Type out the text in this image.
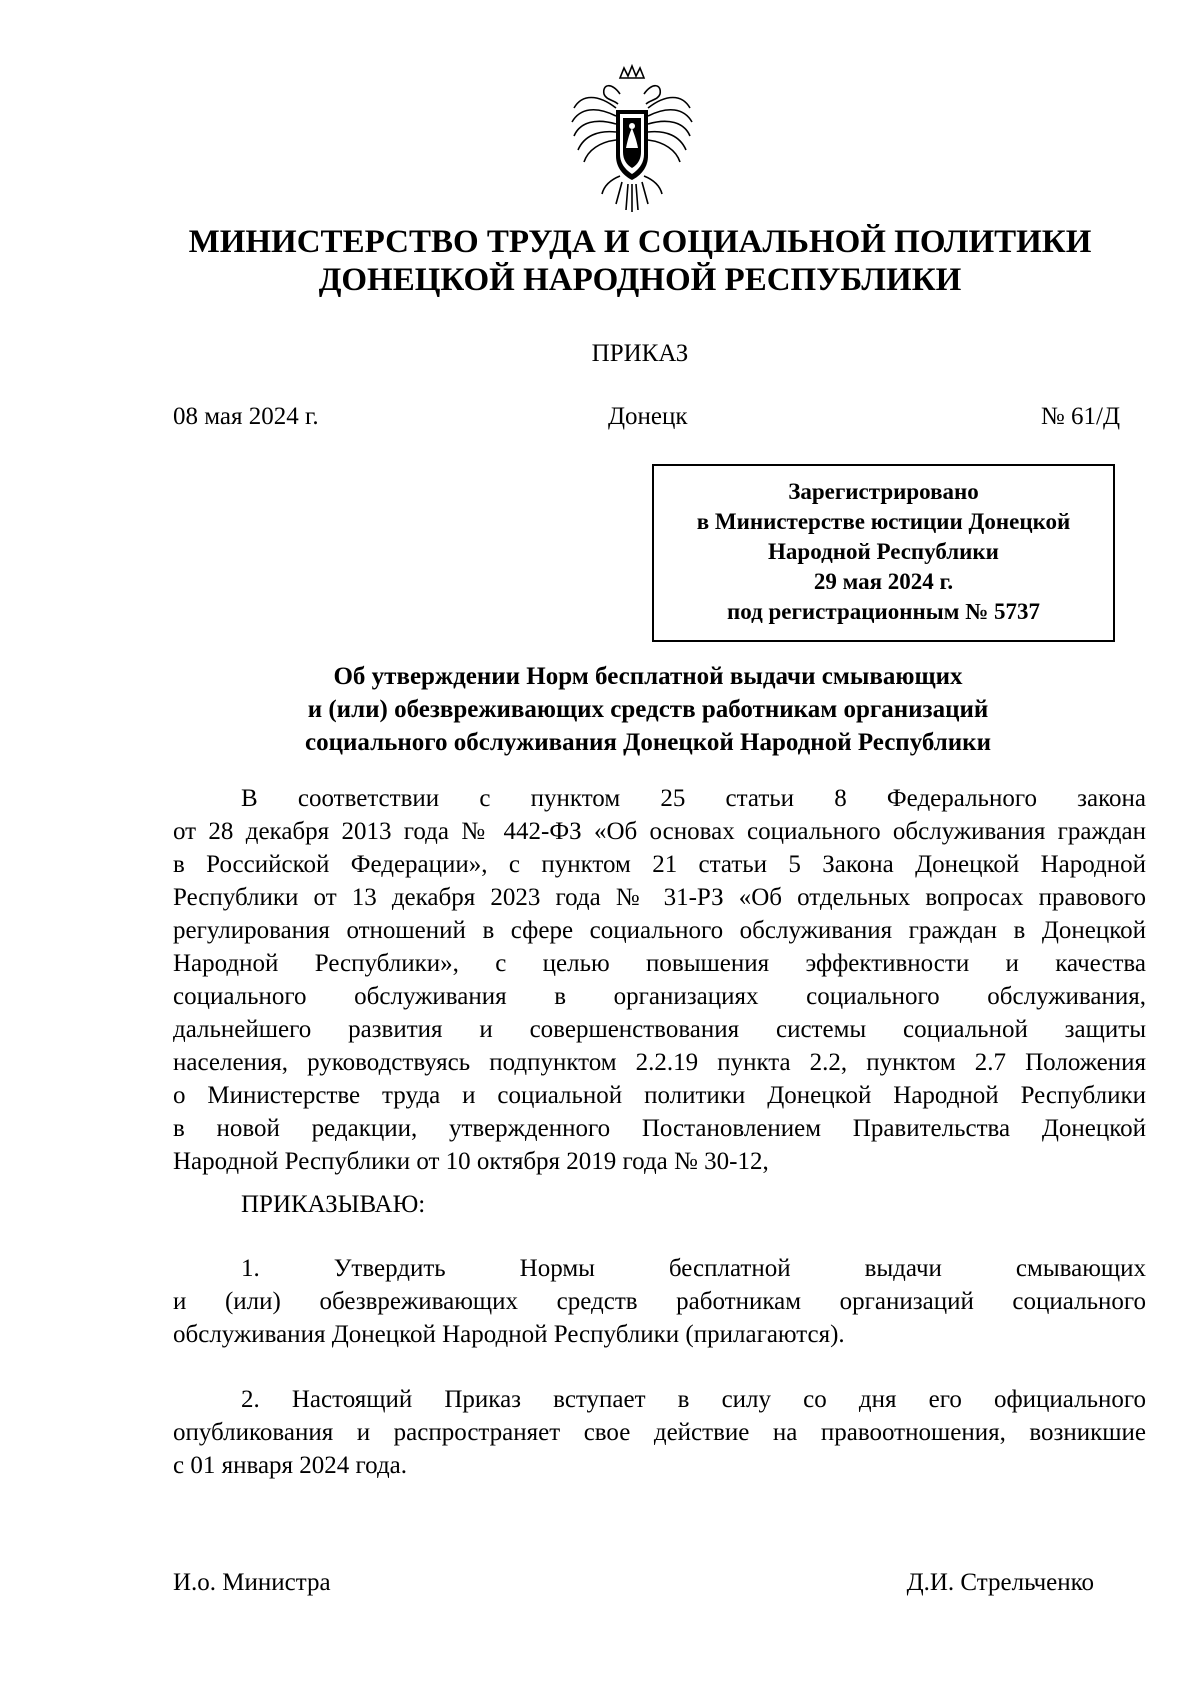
МИНИСТЕРСТВО ТРУДА И СОЦИАЛЬНОЙ ПОЛИТИКИ
ДОНЕЦКОЙ НАРОДНОЙ РЕСПУБЛИКИ
ПРИКАЗ
08 мая 2024 г.	Донецк	№ 61/Д
Зарегистрировано
в Министерстве юстиции Донецкой
Народной Республики
29 мая 2024 г.
под регистрационным № 5737
Об утверждении Норм бесплатной выдачи смывающих
и (или) обезвреживающих средств работникам организаций
социального обслуживания Донецкой Народной Республики
В соответствии с пунктом 25 статьи 8 Федерального закона
от 28 декабря 2013 года № 442-ФЗ «Об основах социального обслуживания граждан
в Российской Федерации», с пунктом 21 статьи 5 Закона Донецкой Народной
Республики от 13 декабря 2023 года № 31-РЗ «Об отдельных вопросах правового
регулирования отношений в сфере социального обслуживания граждан в Донецкой
Народной Республики», с целью повышения эффективности и качества
социального обслуживания в организациях социального обслуживания,
дальнейшего развития и совершенствования системы социальной защиты
населения, руководствуясь подпунктом 2.2.19 пункта 2.2, пунктом 2.7 Положения
о Министерстве труда и социальной политики Донецкой Народной Республики
в новой редакции, утвержденного Постановлением Правительства Донецкой
Народной Республики от 10 октября 2019 года № 30-12,
ПРИКАЗЫВАЮ:
1. Утвердить Нормы бесплатной выдачи смывающих
и (или) обезвреживающих средств работникам организаций социального
обслуживания Донецкой Народной Республики (прилагаются).
2. Настоящий Приказ вступает в силу со дня его официального
опубликования и распространяет свое действие на правоотношения, возникшие
с 01 января 2024 года.
И.о. Министра	Д.И. Стрельченко
